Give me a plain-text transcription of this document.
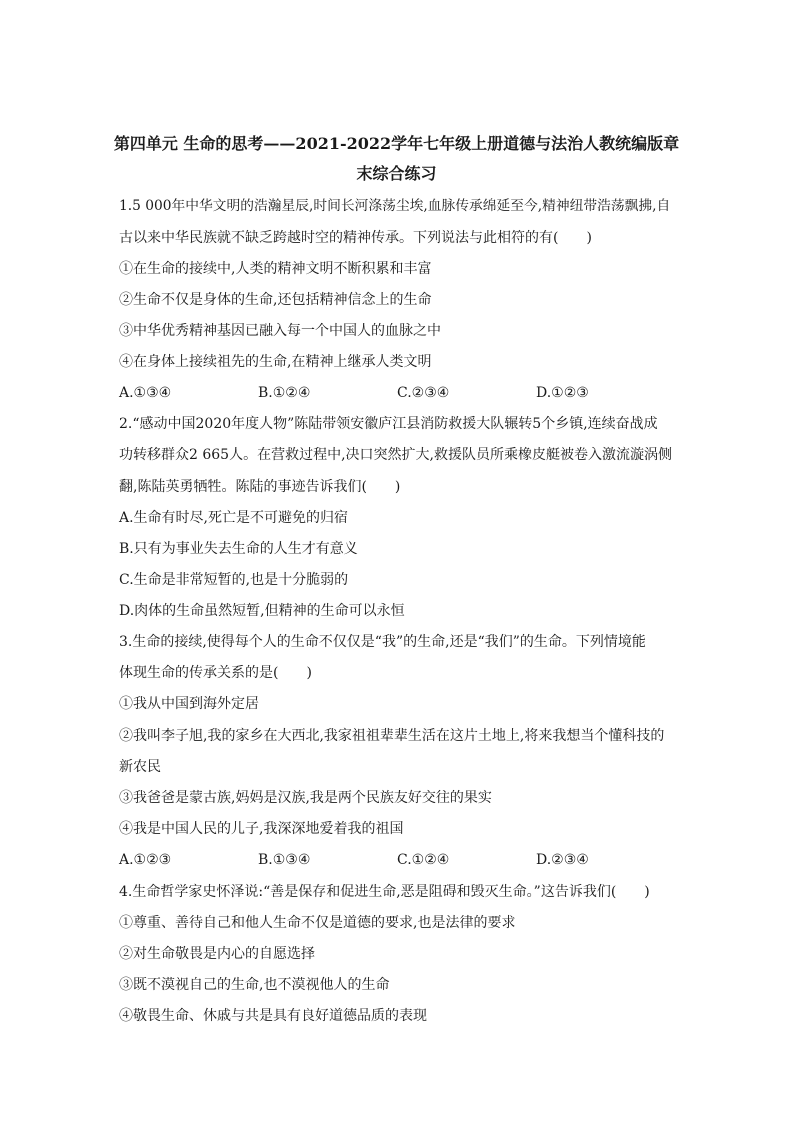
第四单元 生命的思考——2021-2022学年七年级上册道德与法治人教统编版章
末综合练习
1.5 000年中华文明的浩瀚星辰,时间长河涤荡尘埃,血脉传承绵延至今,精神纽带浩荡飘拂,自
古以来中华民族就不缺乏跨越时空的精神传承。下列说法与此相符的有(　　)
①在生命的接续中,人类的精神文明不断积累和丰富
②生命不仅是身体的生命,还包括精神信念上的生命
③中华优秀精神基因已融入每一个中国人的血脉之中
④在身体上接续祖先的生命,在精神上继承人类文明
A.①③④	B.①②④	C.②③④	D.①②③
2.“感动中国2020年度人物”陈陆带领安徽庐江县消防救援大队辗转5个乡镇,连续奋战成
功转移群众2 665人。在营救过程中,决口突然扩大,救援队员所乘橡皮艇被卷入激流漩涡侧
翻,陈陆英勇牺牲。陈陆的事迹告诉我们(　　)
A.生命有时尽,死亡是不可避免的归宿
B.只有为事业失去生命的人生才有意义
C.生命是非常短暂的,也是十分脆弱的
D.肉体的生命虽然短暂,但精神的生命可以永恒
3.生命的接续,使得每个人的生命不仅仅是“我”的生命,还是“我们”的生命。下列情境能
体现生命的传承关系的是(　　)
①我从中国到海外定居
②我叫李子旭,我的家乡在大西北,我家祖祖辈辈生活在这片土地上,将来我想当个懂科技的
新农民
③我爸爸是蒙古族,妈妈是汉族,我是两个民族友好交往的果实
④我是中国人民的儿子,我深深地爱着我的祖国
A.①②③	B.①③④	C.①②④	D.②③④
4.生命哲学家史怀泽说:“善是保存和促进生命,恶是阻碍和毁灭生命。”这告诉我们(　　)
①尊重、善待自己和他人生命不仅是道德的要求,也是法律的要求
②对生命敬畏是内心的自愿选择
③既不漠视自己的生命,也不漠视他人的生命
④敬畏生命、休戚与共是具有良好道德品质的表现
